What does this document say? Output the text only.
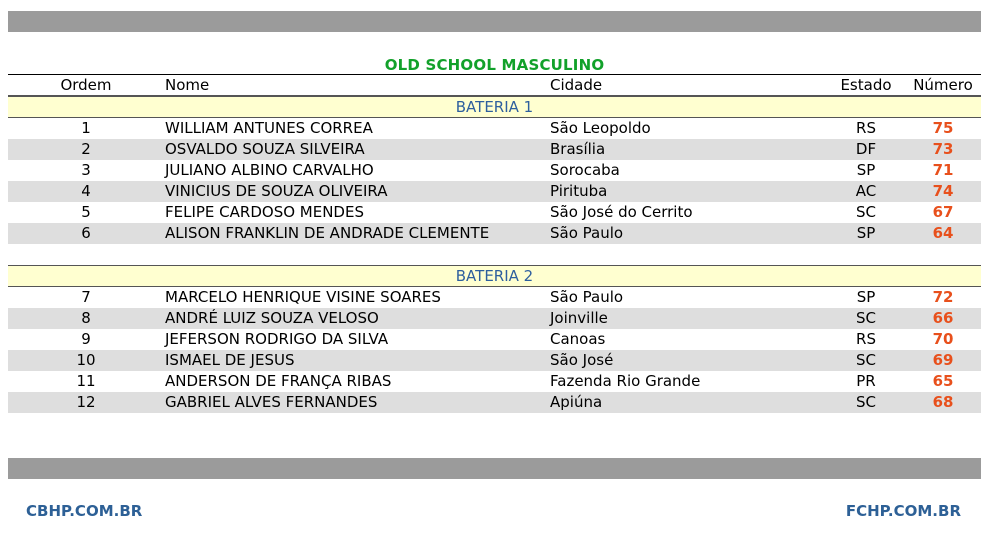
OLD SCHOOL MASCULINO
Ordem	Nome	Cidade	Estado	Número
BATERIA 1
1	WILLIAM ANTUNES CORREA	São Leopoldo	RS	75
2	OSVALDO SOUZA SILVEIRA	Brasília	DF	73
3	JULIANO ALBINO CARVALHO	Sorocaba	SP	71
4	VINICIUS DE SOUZA OLIVEIRA	Pirituba	AC	74
5	FELIPE CARDOSO MENDES	São José do Cerrito	SC	67
6	ALISON FRANKLIN DE ANDRADE CLEMENTE	São Paulo	SP	64
BATERIA 2
7	MARCELO HENRIQUE VISINE SOARES	São Paulo	SP	72
8	ANDRÉ LUIZ SOUZA VELOSO	Joinville	SC	66
9	JEFERSON RODRIGO DA SILVA	Canoas	RS	70
10	ISMAEL DE JESUS	São José	SC	69
11	ANDERSON DE FRANÇA RIBAS	Fazenda Rio Grande	PR	65
12	GABRIEL ALVES FERNANDES	Apiúna	SC	68
CBHP.COM.BR	FCHP.COM.BR
